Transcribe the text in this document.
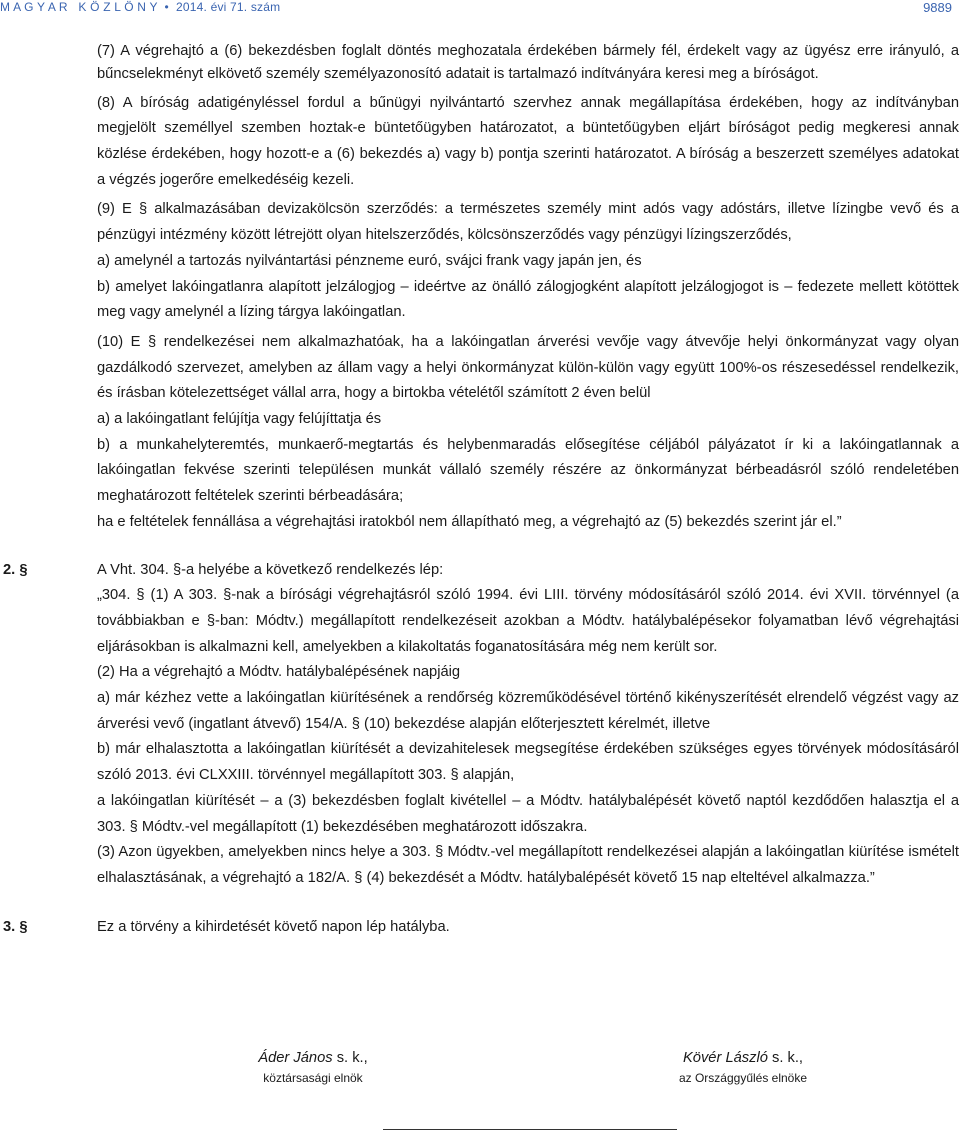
M A G Y A R   K Ö Z L Ö N Y  •  2014. évi 71. szám	9889

(7) A végrehajtó a (6) bekezdésben foglalt döntés meghozatala érdekében bármely fél, érdekelt vagy az ügyész erre irányuló, a bűncselekményt elkövető személy személyazonosító adatait is tartalmazó indítványára keresi meg a bíróságot.

(8) A bíróság adatigényléssel fordul a bűnügyi nyilvántartó szervhez annak megállapítása érdekében, hogy az indítványban megjelölt személlyel szemben hoztak-e büntetőügyben határozatot, a büntetőügyben eljárt bíróságot pedig megkeresi annak közlése érdekében, hogy hozott-e a (6) bekezdés a) vagy b) pontja szerinti határozatot. A bíróság a beszerzett személyes adatokat a végzés jogerőre emelkedéséig kezeli.

(9) E § alkalmazásában devizakölcsön szerződés: a természetes személy mint adós vagy adóstárs, illetve lízingbe vevő és a pénzügyi intézmény között létrejött olyan hitelszerződés, kölcsönszerződés vagy pénzügyi lízingszerződés,

a) amelynél a tartozás nyilvántartási pénzneme euró, svájci frank vagy japán jen, és

b) amelyet lakóingatlanra alapított jelzálogjog – ideértve az önálló zálogjogként alapított jelzálogjogot is – fedezete mellett kötöttek meg vagy amelynél a lízing tárgya lakóingatlan.

(10) E § rendelkezései nem alkalmazhatóak, ha a lakóingatlan árverési vevője vagy átvevője helyi önkormányzat vagy olyan gazdálkodó szervezet, amelyben az állam vagy a helyi önkormányzat külön-külön vagy együtt 100%-os részesedéssel rendelkezik, és írásban kötelezettséget vállal arra, hogy a birtokba vételétől számított 2 éven belül

a) a lakóingatlant felújítja vagy felújíttatja és

b) a munkahelyteremtés, munkaerő-megtartás és helybenmaradás elősegítése céljából pályázatot ír ki a lakóingatlannak a lakóingatlan fekvése szerinti településen munkát vállaló személy részére az önkormányzat bérbeadásról szóló rendeletében meghatározott feltételek szerinti bérbeadására;

ha e feltételek fennállása a végrehajtási iratokból nem állapítható meg, a végrehajtó az (5) bekezdés szerint jár el.”

2. §	A Vht. 304. §-a helyébe a következő rendelkezés lép:

„304. § (1) A 303. §-nak a bírósági végrehajtásról szóló 1994. évi LIII. törvény módosításáról szóló 2014. évi XVII. törvénnyel (a továbbiakban e §-ban: Módtv.) megállapított rendelkezéseit azokban a Módtv. hatálybalépésekor folyamatban lévő végrehajtási eljárásokban is alkalmazni kell, amelyekben a kilakoltatás foganatosítására még nem került sor.

(2) Ha a végrehajtó a Módtv. hatálybalépésének napjáig

a) már kézhez vette a lakóingatlan kiürítésének a rendőrség közreműködésével történő kikényszerítését elrendelő végzést vagy az árverési vevő (ingatlant átvevő) 154/A. § (10) bekezdése alapján előterjesztett kérelmét, illetve

b) már elhalasztotta a lakóingatlan kiürítését a devizahitelesek megsegítése érdekében szükséges egyes törvények módosításáról szóló 2013. évi CLXXIII. törvénnyel megállapított 303. § alapján,

a lakóingatlan kiürítését – a (3) bekezdésben foglalt kivétellel – a Módtv. hatálybalépését követő naptól kezdődően halasztja el a 303. § Módtv.-vel megállapított (1) bekezdésében meghatározott időszakra.

(3) Azon ügyekben, amelyekben nincs helye a 303. § Módtv.-vel megállapított rendelkezései alapján a lakóingatlan kiürítése ismételt elhalasztásának, a végrehajtó a 182/A. § (4) bekezdését a Módtv. hatálybalépését követő 15 nap elteltével alkalmazza.”

3. §	Ez a törvény a kihirdetését követő napon lép hatályba.

Áder János s. k.,
köztársasági elnök
Kövér László s. k.,
az Országgyűlés elnöke
